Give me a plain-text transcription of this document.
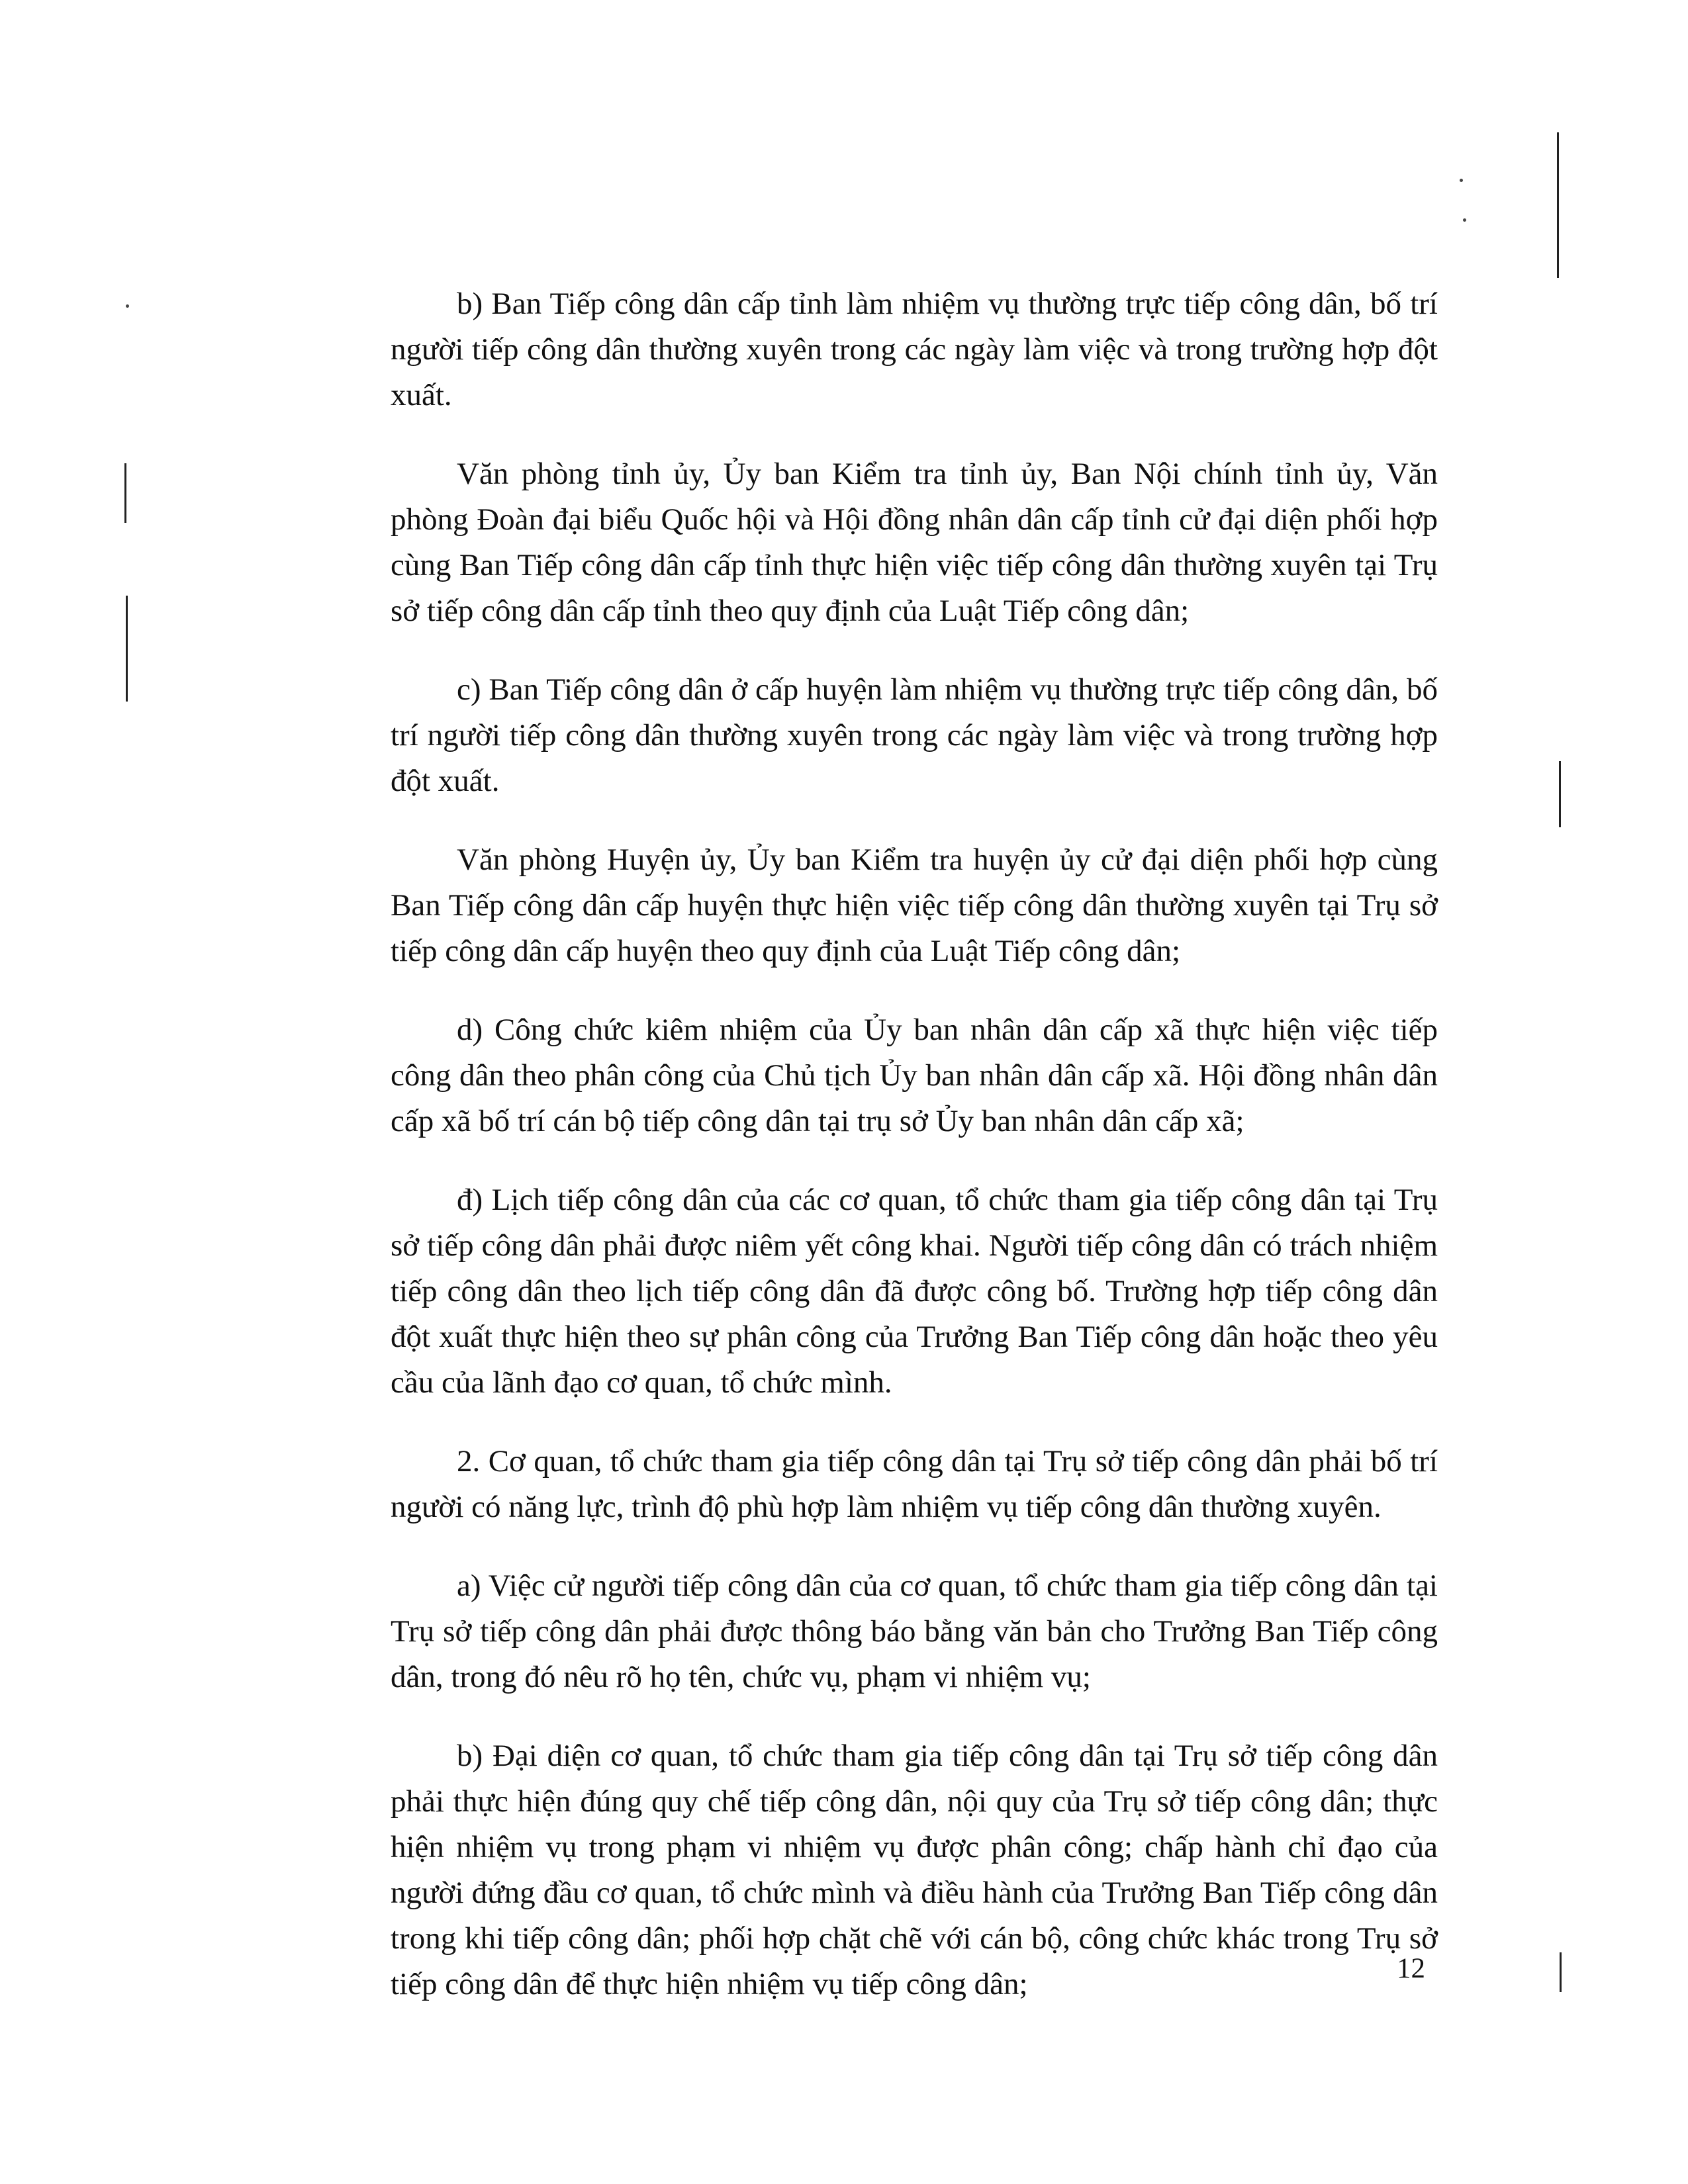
b) Ban Tiếp công dân cấp tỉnh làm nhiệm vụ thường trực tiếp công dân, bố trí người tiếp công dân thường xuyên trong các ngày làm việc và trong trường hợp đột xuất.

Văn phòng tỉnh ủy, Ủy ban Kiểm tra tỉnh ủy, Ban Nội chính tỉnh ủy, Văn phòng Đoàn đại biểu Quốc hội và Hội đồng nhân dân cấp tỉnh cử đại diện phối hợp cùng Ban Tiếp công dân cấp tỉnh thực hiện việc tiếp công dân thường xuyên tại Trụ sở tiếp công dân cấp tỉnh theo quy định của Luật Tiếp công dân;

c) Ban Tiếp công dân ở cấp huyện làm nhiệm vụ thường trực tiếp công dân, bố trí người tiếp công dân thường xuyên trong các ngày làm việc và trong trường hợp đột xuất.

Văn phòng Huyện ủy, Ủy ban Kiểm tra huyện ủy cử đại diện phối hợp cùng Ban Tiếp công dân cấp huyện thực hiện việc tiếp công dân thường xuyên tại Trụ sở tiếp công dân cấp huyện theo quy định của Luật Tiếp công dân;

d) Công chức kiêm nhiệm của Ủy ban nhân dân cấp xã thực hiện việc tiếp công dân theo phân công của Chủ tịch Ủy ban nhân dân cấp xã. Hội đồng nhân dân cấp xã bố trí cán bộ tiếp công dân tại trụ sở Ủy ban nhân dân cấp xã;

đ) Lịch tiếp công dân của các cơ quan, tổ chức tham gia tiếp công dân tại Trụ sở tiếp công dân phải được niêm yết công khai. Người tiếp công dân có trách nhiệm tiếp công dân theo lịch tiếp công dân đã được công bố. Trường hợp tiếp công dân đột xuất thực hiện theo sự phân công của Trưởng Ban Tiếp công dân hoặc theo yêu cầu của lãnh đạo cơ quan, tổ chức mình.

2. Cơ quan, tổ chức tham gia tiếp công dân tại Trụ sở tiếp công dân phải bố trí người có năng lực, trình độ phù hợp làm nhiệm vụ tiếp công dân thường xuyên.

a) Việc cử người tiếp công dân của cơ quan, tổ chức tham gia tiếp công dân tại Trụ sở tiếp công dân phải được thông báo bằng văn bản cho Trưởng Ban Tiếp công dân, trong đó nêu rõ họ tên, chức vụ, phạm vi nhiệm vụ;

b) Đại diện cơ quan, tổ chức tham gia tiếp công dân tại Trụ sở tiếp công dân phải thực hiện đúng quy chế tiếp công dân, nội quy của Trụ sở tiếp công dân; thực hiện nhiệm vụ trong phạm vi nhiệm vụ được phân công; chấp hành chỉ đạo của người đứng đầu cơ quan, tổ chức mình và điều hành của Trưởng Ban Tiếp công dân trong khi tiếp công dân; phối hợp chặt chẽ với cán bộ, công chức khác trong Trụ sở tiếp công dân để thực hiện nhiệm vụ tiếp công dân;	12
